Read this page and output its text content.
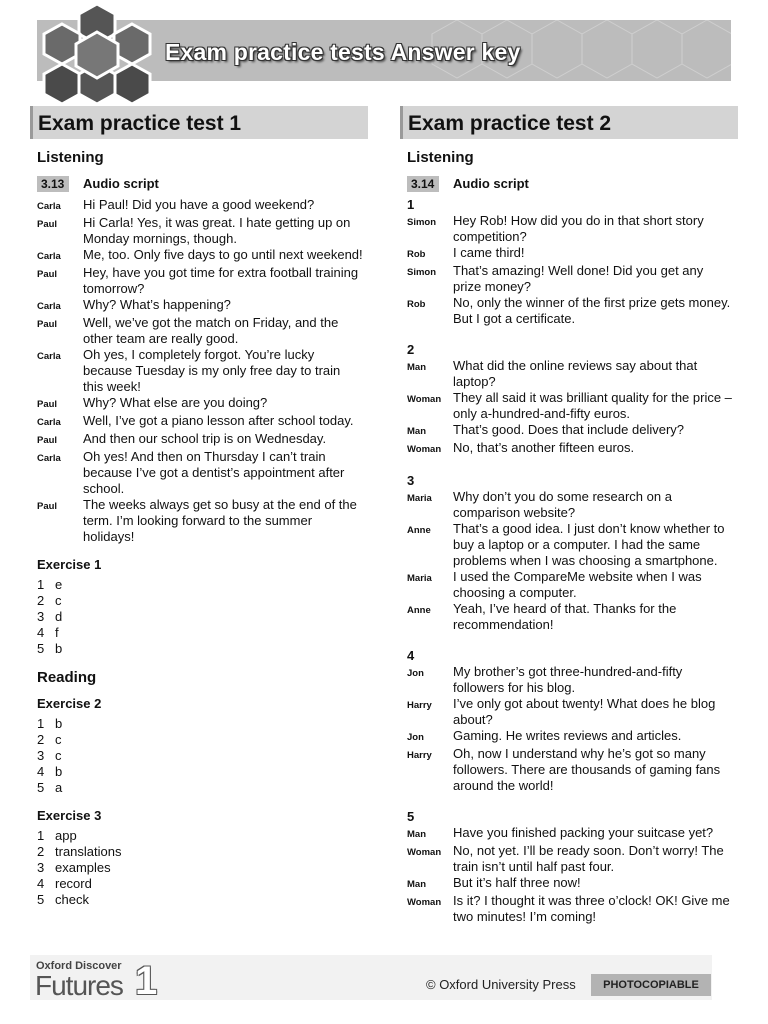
Exam practice tests Answer key
Exam practice test 1
Listening
3.13	Audio script
Carla	Hi Paul! Did you have a good weekend?
Paul	Hi Carla! Yes, it was great. I hate getting up on
Monday mornings, though.
Carla	Me, too. Only five days to go until next weekend!
Paul	Hey, have you got time for extra football training
tomorrow?
Carla	Why? What’s happening?
Paul	Well, we’ve got the match on Friday, and the
other team are really good.
Carla	Oh yes, I completely forgot. You’re lucky
because Tuesday is my only free day to train
this week!
Paul	Why? What else are you doing?
Carla	Well, I’ve got a piano lesson after school today.
Paul	And then our school trip is on Wednesday.
Carla	Oh yes! And then on Thursday I can’t train
because I’ve got a dentist’s appointment after
school.
Paul	The weeks always get so busy at the end of the
term. I’m looking forward to the summer
holidays!
Exercise 1
1 e
2 c
3 d
4 f
5 b
Reading
Exercise 2
1 b
2 c
3 c
4 b
5 a
Exercise 3
1 app
2 translations
3 examples
4 record
5 check
Exam practice test 2
Listening
3.14	Audio script
1
Simon	Hey Rob! How did you do in that short story
competition?
Rob	I came third!
Simon	That’s amazing! Well done! Did you get any
prize money?
Rob	No, only the winner of the first prize gets money.
But I got a certificate.
2
Man	What did the online reviews say about that
laptop?
Woman They all said it was brilliant quality for the price –
only a-hundred-and-fifty euros.
Man	That’s good. Does that include delivery?
Woman No, that’s another fifteen euros.
3
Maria	Why don’t you do some research on a
comparison website?
Anne	That’s a good idea. I just don’t know whether to
buy a laptop or a computer. I had the same
problems when I was choosing a smartphone.
Maria	I used the CompareMe website when I was
choosing a computer.
Anne	Yeah, I’ve heard of that. Thanks for the
recommendation!
4
Jon	My brother’s got three-hundred-and-fifty
followers for his blog.
Harry	I’ve only got about twenty! What does he blog
about?
Jon	Gaming. He writes reviews and articles.
Harry	Oh, now I understand why he’s got so many
followers. There are thousands of gaming fans
around the world!
5
Man	Have you finished packing your suitcase yet?
Woman No, not yet. I’ll be ready soon. Don’t worry! The
train isn’t until half past four.
Man	But it’s half three now!
Woman Is it? I thought it was three o’clock! OK! Give me
two minutes! I’m coming!
Oxford Discover
Futures 1	© Oxford University Press	PHOTOCOPIABLE
